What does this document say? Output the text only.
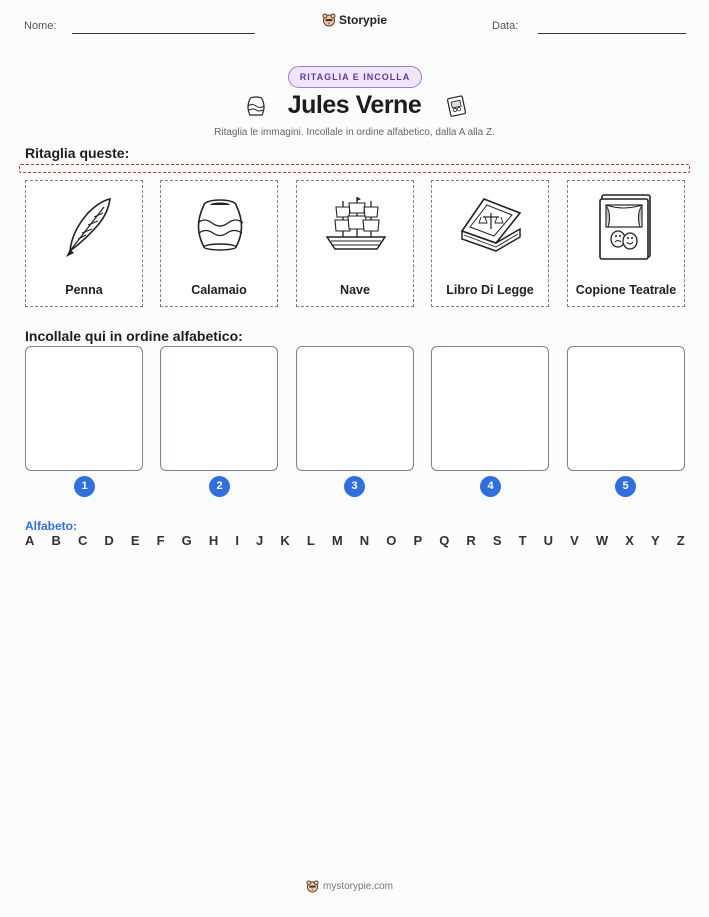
Nome:	Storypie	Data:
RITAGLIA E INCOLLA
Jules Verne
Ritaglia le immagini. Incollale in ordine alfabetico, dalla A alla Z.
Ritaglia queste:
Penna	Calamaio	Nave	Libro Di Legge	Copione Teatrale
Incollale qui in ordine alfabetico:
1	2	3	4	5
Alfabeto:
A B C D E F G H I J K L M N O P Q R S T U V W X Y Z
mystorypie.com
